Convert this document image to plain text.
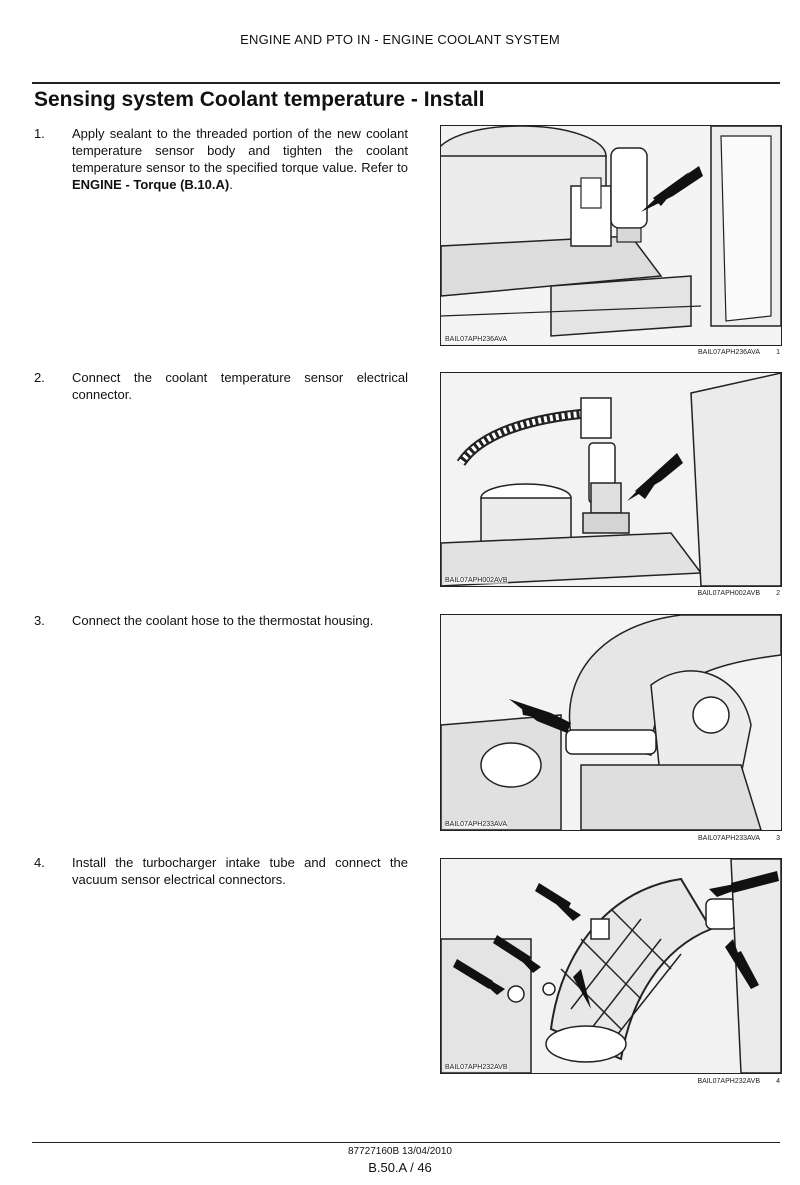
ENGINE AND PTO IN - ENGINE COOLANT SYSTEM
Sensing system Coolant temperature - Install
1. Apply sealant to the threaded portion of the new coolant temperature sensor body and tighten the coolant temperature sensor to the specified torque value. Refer to ENGINE - Torque (B.10.A).
BAIL07APH236AVA
BAIL07APH236AVA 1
2. Connect the coolant temperature sensor electrical connector.
BAIL07APH002AVB
BAIL07APH002AVB 2
3. Connect the coolant hose to the thermostat housing.
BAIL07APH233AVA
BAIL07APH233AVA 3
4. Install the turbocharger intake tube and connect the vacuum sensor electrical connectors.
BAIL07APH232AVB
BAIL07APH232AVB 4
87727160B 13/04/2010
B.50.A / 46
